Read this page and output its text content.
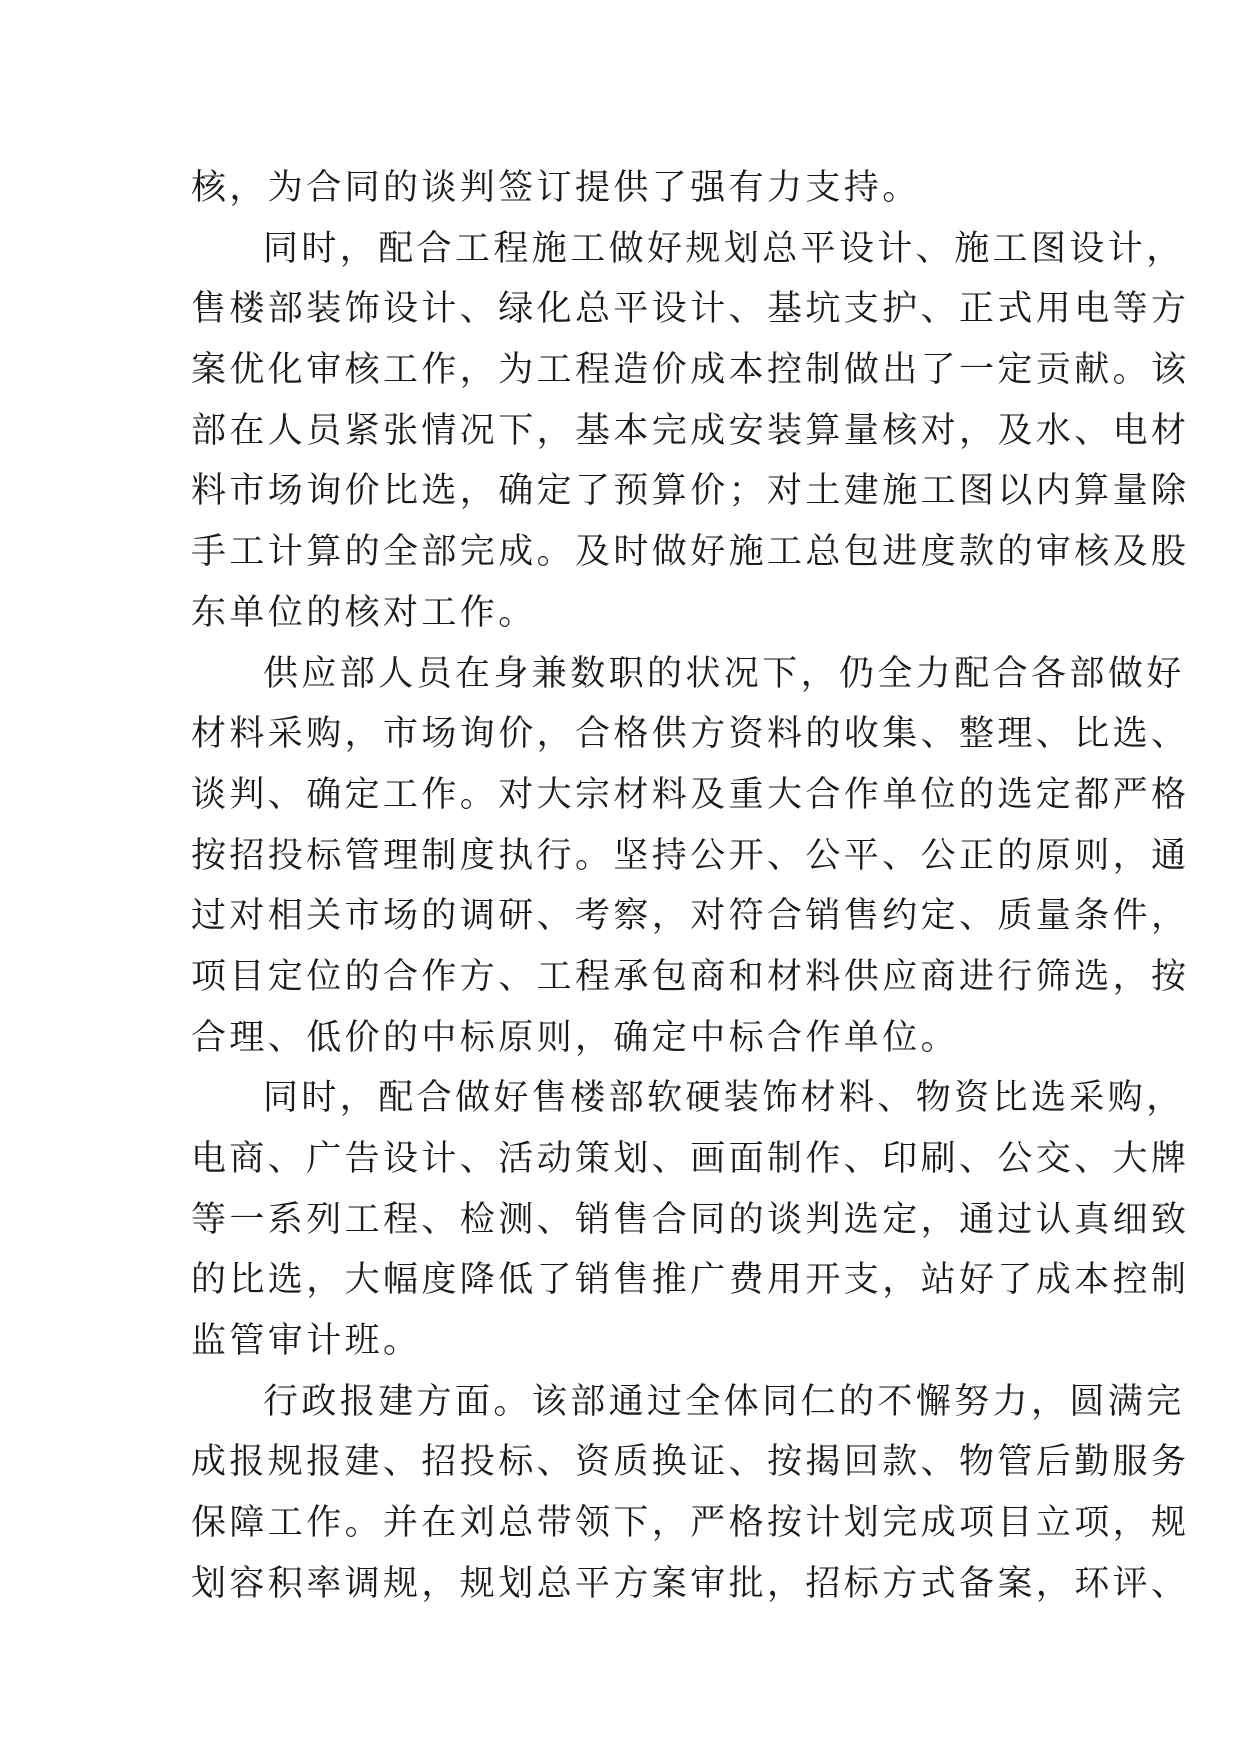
核，为合同的谈判签订提供了强有力支持。
同时，配合工程施工做好规划总平设计、施工图设计，
售楼部装饰设计、绿化总平设计、基坑支护、正式用电等方
案优化审核工作，为工程造价成本控制做出了一定贡献。该
部在人员紧张情况下，基本完成安装算量核对，及水、电材
料市场询价比选，确定了预算价；对土建施工图以内算量除
手工计算的全部完成。及时做好施工总包进度款的审核及股
东单位的核对工作。
供应部人员在身兼数职的状况下，仍全力配合各部做好
材料采购，市场询价，合格供方资料的收集、整理、比选、
谈判、确定工作。对大宗材料及重大合作单位的选定都严格
按招投标管理制度执行。坚持公开、公平、公正的原则，通
过对相关市场的调研、考察，对符合销售约定、质量条件，
项目定位的合作方、工程承包商和材料供应商进行筛选，按
合理、低价的中标原则，确定中标合作单位。
同时，配合做好售楼部软硬装饰材料、物资比选采购，
电商、广告设计、活动策划、画面制作、印刷、公交、大牌
等一系列工程、检测、销售合同的谈判选定，通过认真细致
的比选，大幅度降低了销售推广费用开支，站好了成本控制
监管审计班。
行政报建方面。该部通过全体同仁的不懈努力，圆满完
成报规报建、招投标、资质换证、按揭回款、物管后勤服务
保障工作。并在刘总带领下，严格按计划完成项目立项，规
划容积率调规，规划总平方案审批，招标方式备案，环评、
